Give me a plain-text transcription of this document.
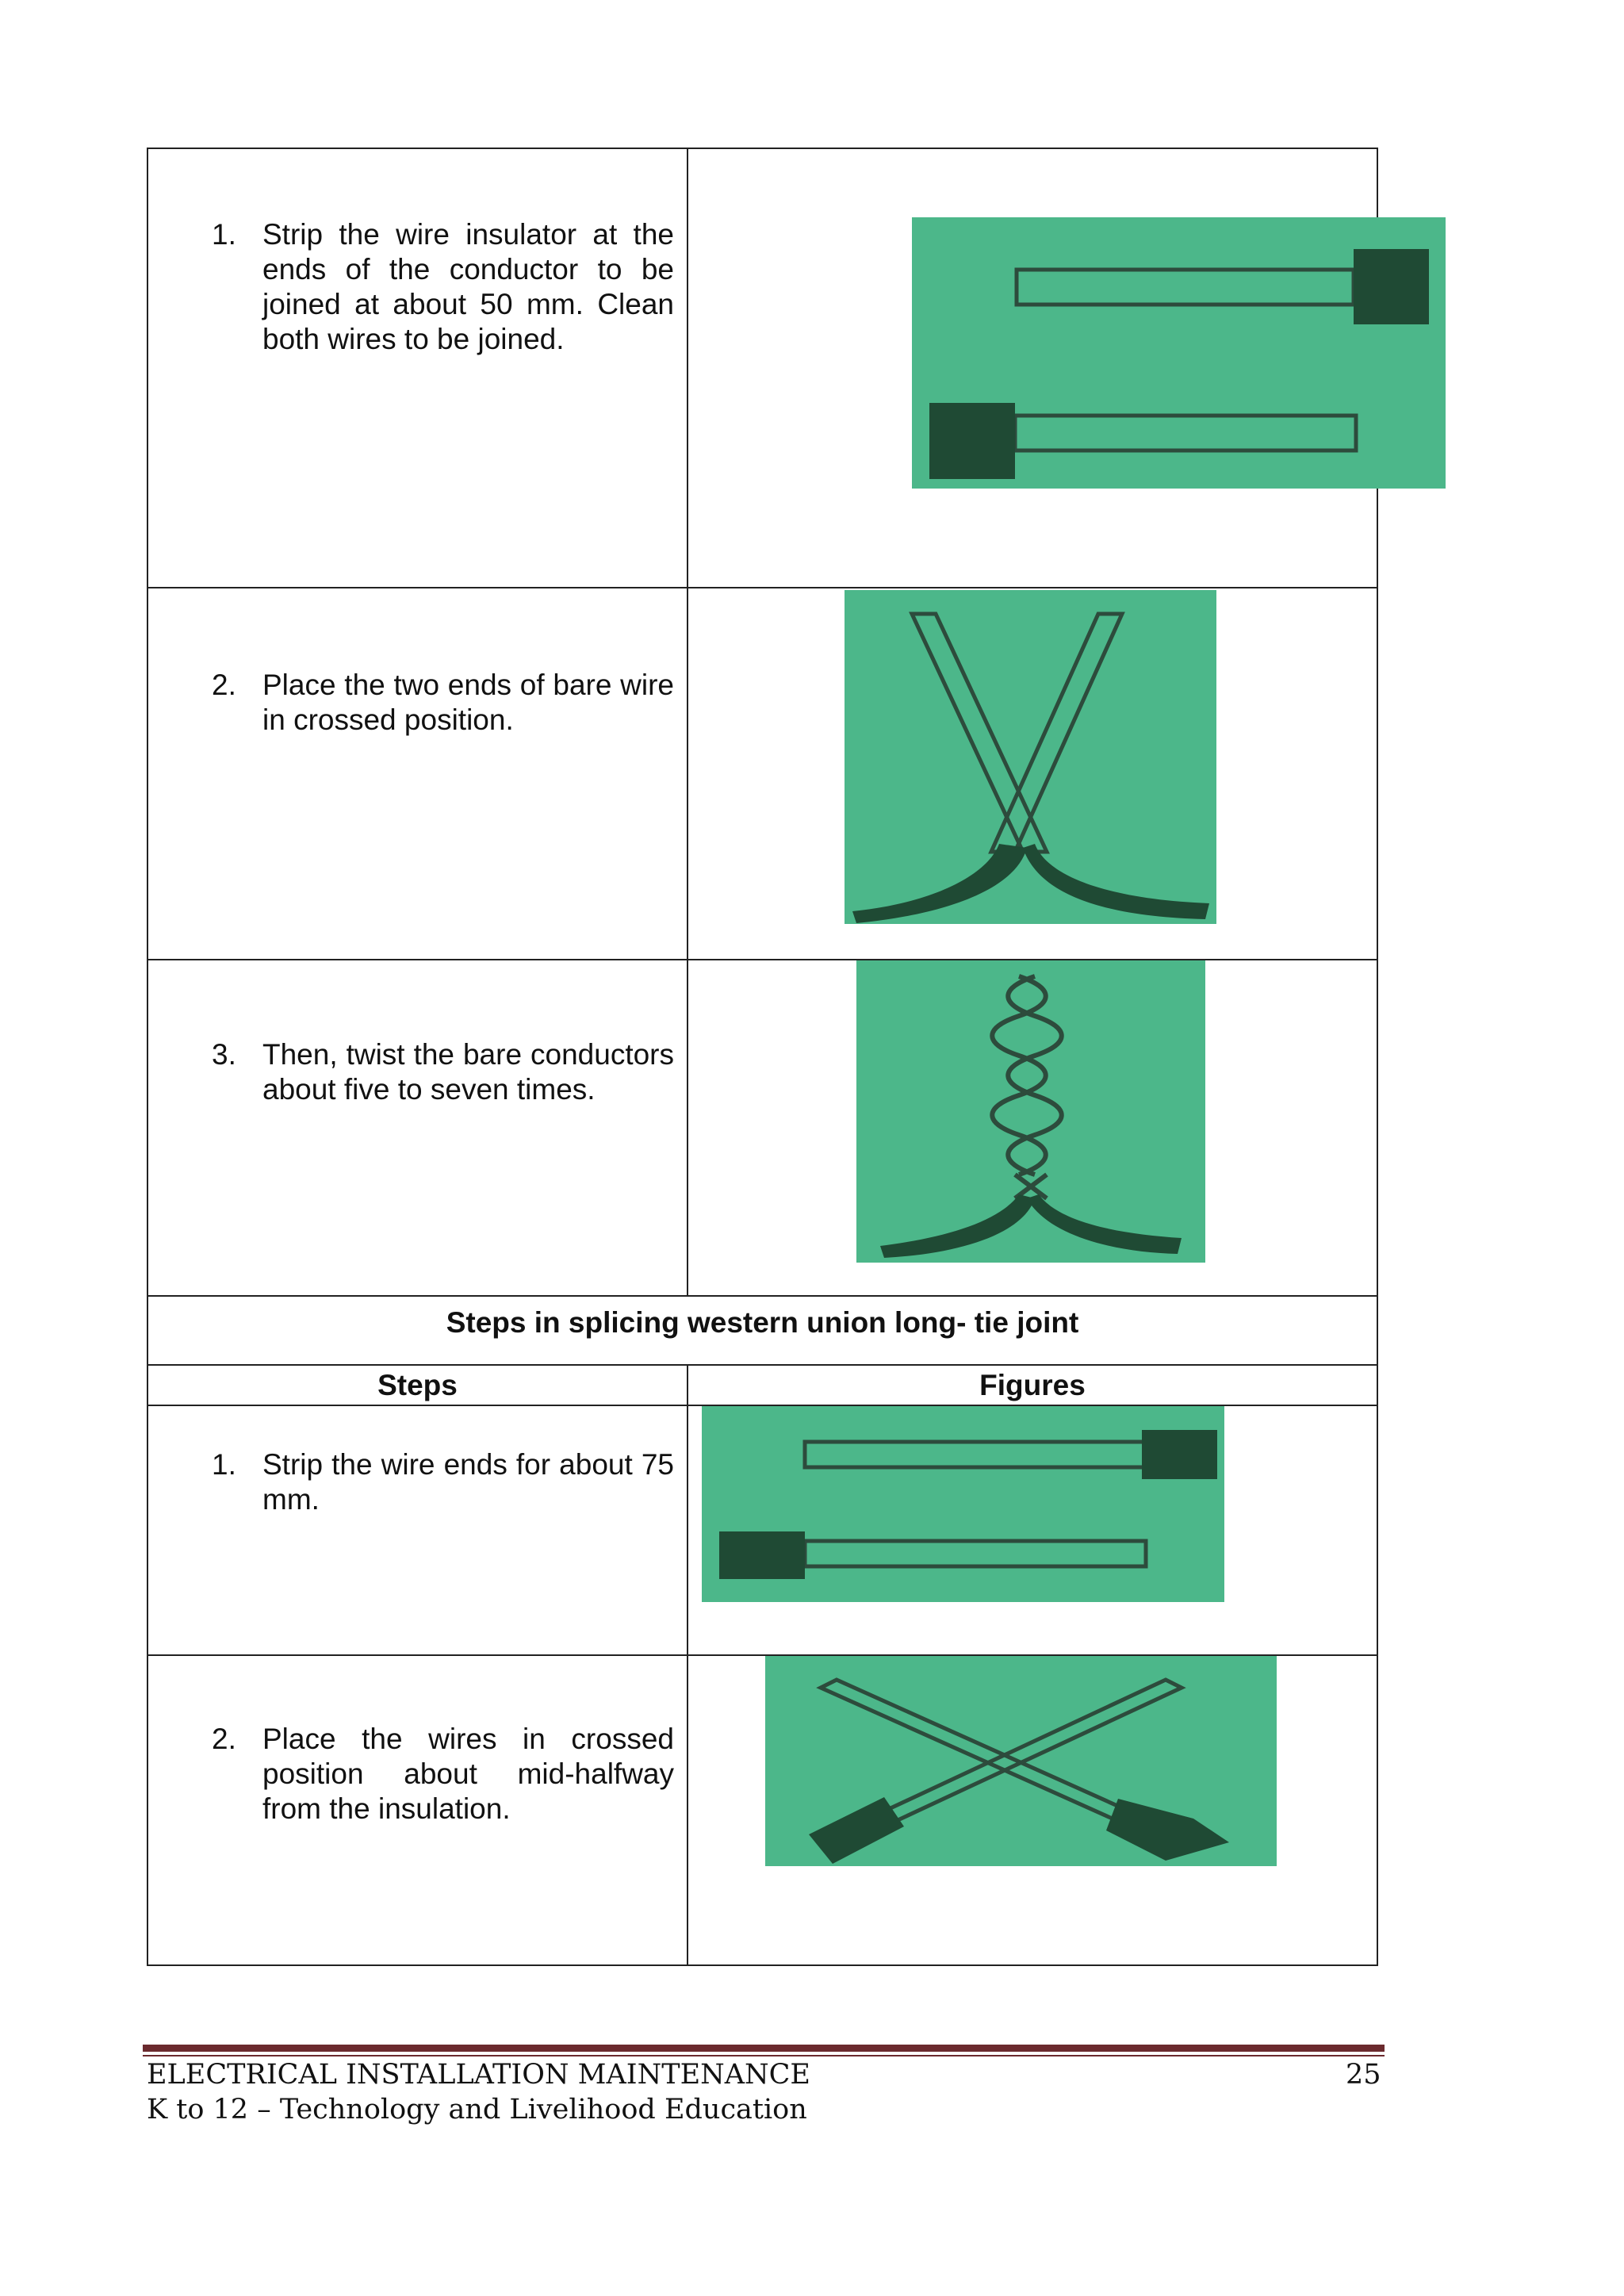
1. Strip the wire insulator at the ends of the conductor to be joined at about 50 mm. Clean both wires to be joined.
2. Place the two ends of bare wire in crossed position.
3. Then, twist the bare conductors about five to seven times.
Steps in splicing western union long- tie joint
Steps	Figures
1. Strip the wire ends for about 75 mm.
2. Place the wires in crossed position about mid-halfway from the insulation.
ELECTRICAL INSTALLATION MAINTENANCE	25
K to 12 – Technology and Livelihood Education
